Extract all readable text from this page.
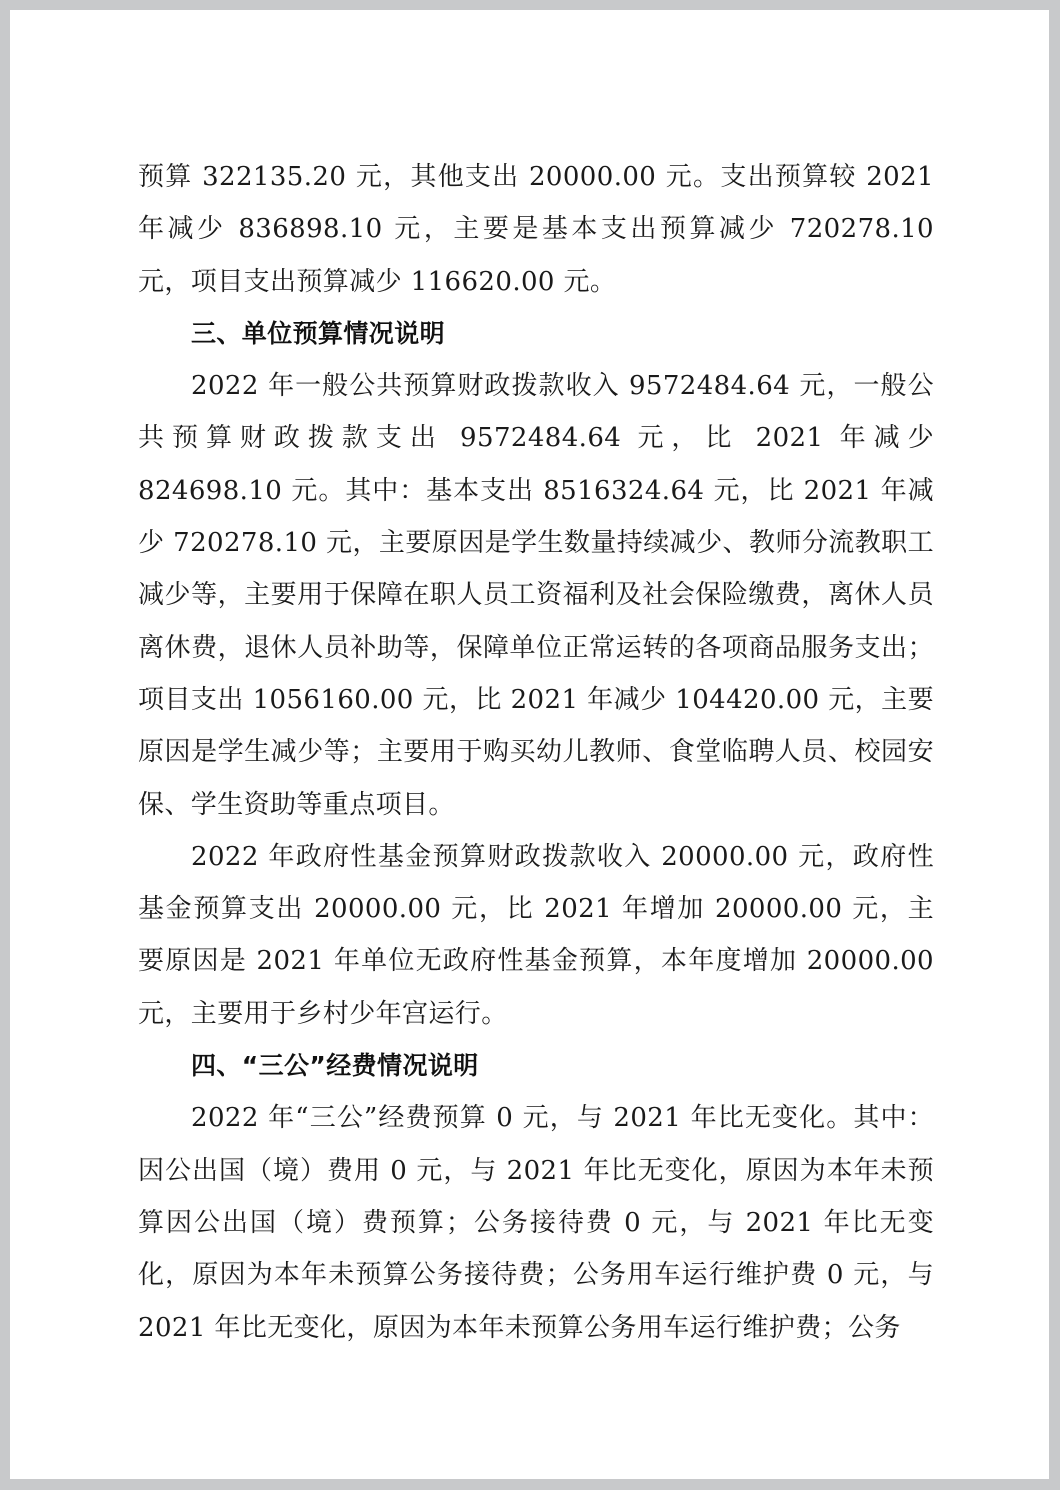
预算 322135.20 元，其他支出 20000.00 元。支出预算较 2021 年减少 836898.10 元，主要是基本支出预算减少 720278.10 元，项目支出预算减少 116620.00 元。

三、单位预算情况说明

2022 年一般公共预算财政拨款收入 9572484.64 元，一般公共预算财政拨款支出 9572484.64 元，比 2021 年减少 824698.10 元。其中：基本支出 8516324.64 元，比 2021 年减少 720278.10 元，主要原因是学生数量持续减少、教师分流教职工减少等，主要用于保障在职人员工资福利及社会保险缴费，离休人员离休费，退休人员补助等，保障单位正常运转的各项商品服务支出；项目支出 1056160.00 元，比 2021 年减少 104420.00 元，主要原因是学生减少等；主要用于购买幼儿教师、食堂临聘人员、校园安保、学生资助等重点项目。

2022 年政府性基金预算财政拨款收入 20000.00 元，政府性基金预算支出 20000.00 元，比 2021 年增加 20000.00 元，主要原因是 2021 年单位无政府性基金预算，本年度增加 20000.00 元，主要用于乡村少年宫运行。

四、“三公”经费情况说明

2022 年“三公”经费预算 0 元，与 2021 年比无变化。其中：因公出国（境）费用 0 元，与 2021 年比无变化，原因为本年未预算因公出国（境）费预算；公务接待费 0 元，与 2021 年比无变化，原因为本年未预算公务接待费；公务用车运行维护费 0 元，与 2021 年比无变化，原因为本年未预算公务用车运行维护费；公务
